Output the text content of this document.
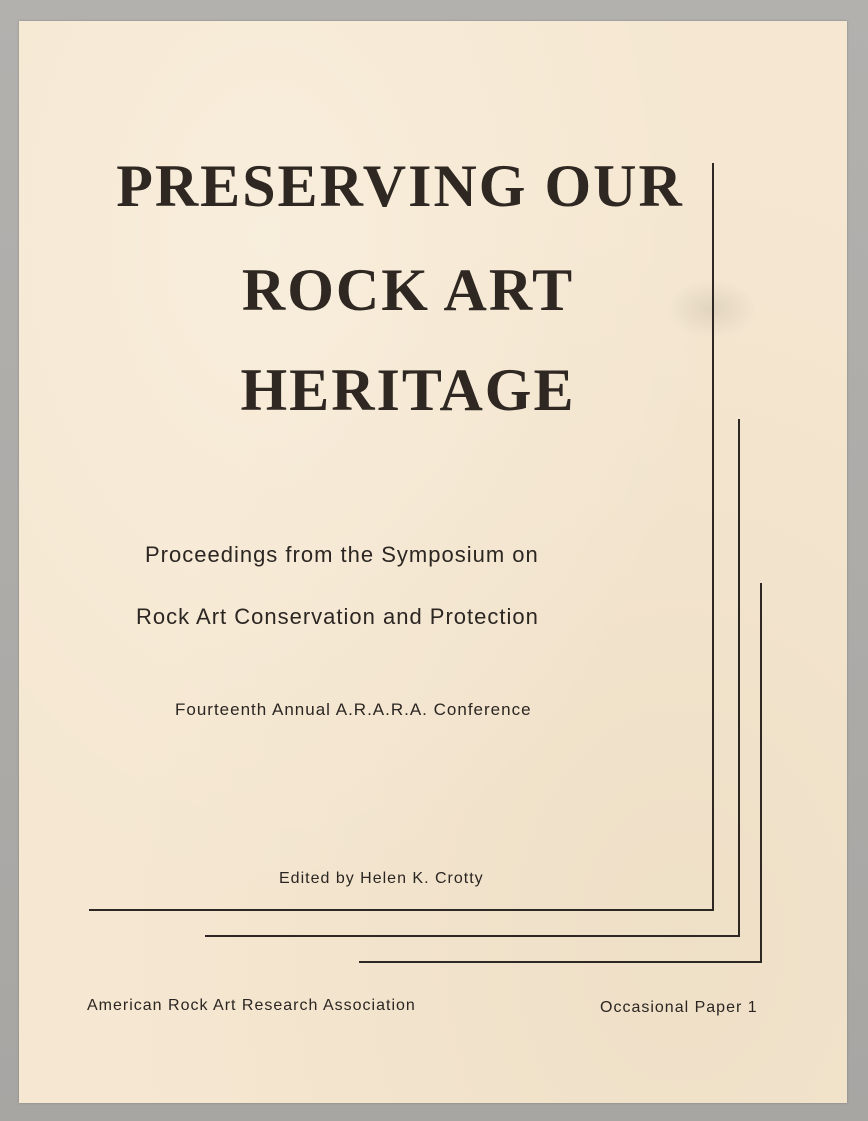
PRESERVING OUR
ROCK ART
HERITAGE
Proceedings from the Symposium on
Rock Art Conservation and Protection
Fourteenth Annual A.R.A.R.A. Conference
Edited by Helen K. Crotty
American Rock Art Research Association	Occasional Paper 1
